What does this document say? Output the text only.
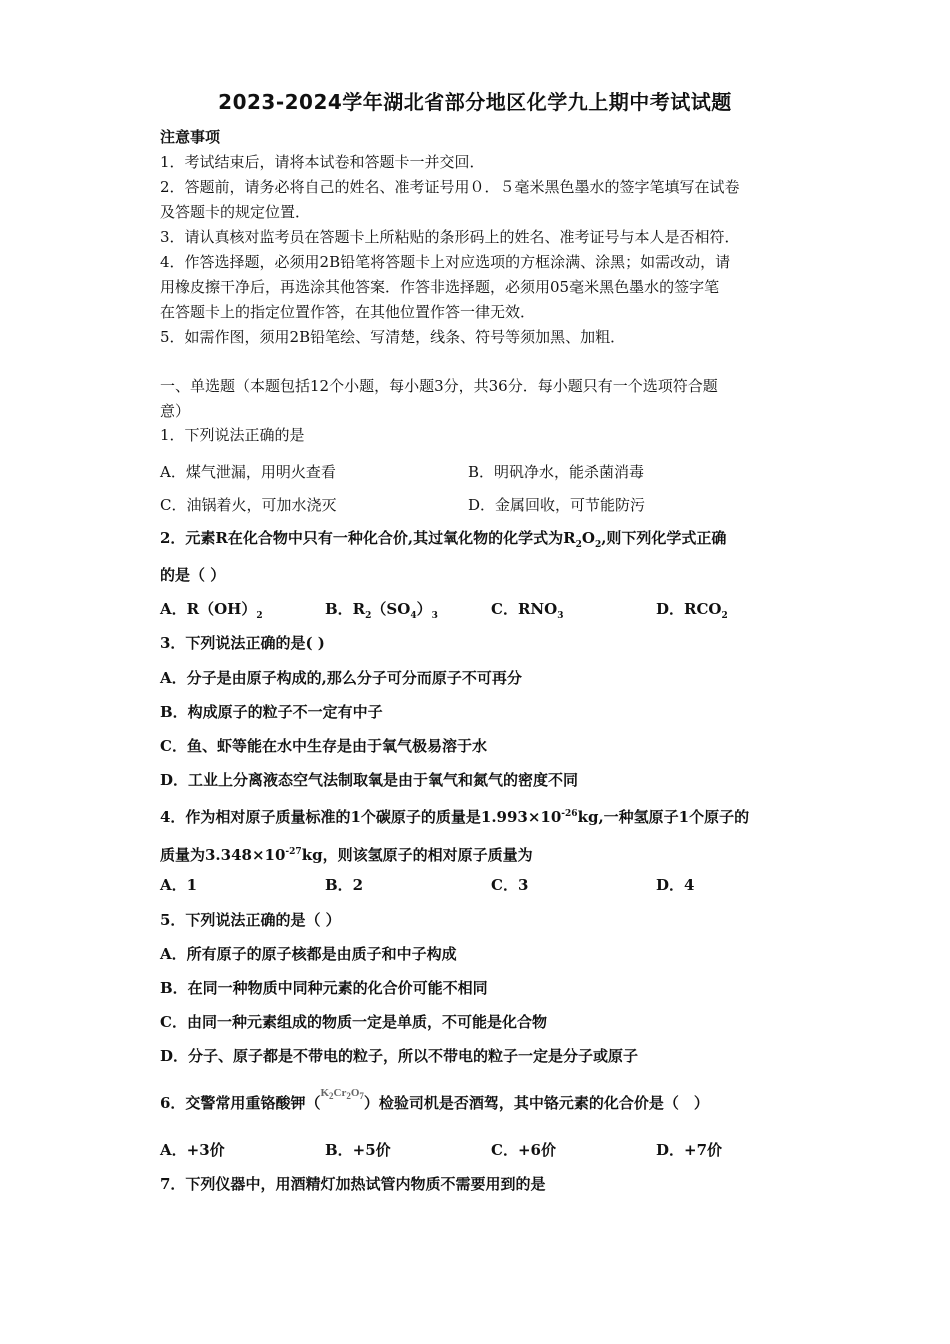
2023-2024学年湖北省部分地区化学九上期中考试试题
注意事项
1．考试结束后，请将本试卷和答题卡一并交回．
2．答题前，请务必将自己的姓名、准考证号用０．５毫米黑色墨水的签字笔填写在试卷
及答题卡的规定位置．
3．请认真核对监考员在答题卡上所粘贴的条形码上的姓名、准考证号与本人是否相符．
4．作答选择题，必须用2B铅笔将答题卡上对应选项的方框涂满、涂黑；如需改动，请
用橡皮擦干净后，再选涂其他答案．作答非选择题，必须用05毫米黑色墨水的签字笔
在答题卡上的指定位置作答，在其他位置作答一律无效．
5．如需作图，须用2B铅笔绘、写清楚，线条、符号等须加黑、加粗．
一、单选题（本题包括12个小题，每小题3分，共36分．每小题只有一个选项符合题
意）
1．下列说法正确的是
A．煤气泄漏，用明火查看	B．明矾净水，能杀菌消毒
C．油锅着火，可加水浇灭	D．金属回收，可节能防污
2．元素R在化合物中只有一种化合价,其过氧化物的化学式为$R_2O_2$,则下列化学式正确
的是（ ）
A．$R(OH)_2$	B．$R_2(SO_4)_3$	C．$RNO_3$	D．$RCO_2$
3．下列说法正确的是( )
A．分子是由原子构成的,那么分子可分而原子不可再分
B．构成原子的粒子不一定有中子
C．鱼、虾等能在水中生存是由于氧气极易溶于水
D．工业上分离液态空气法制取氧是由于氧气和氮气的密度不同
4．作为相对原子质量标准的1个碳原子的质量是$1.993\times 10^{-26}kg$,一种氢原子1个原子的
质量为$3.348\times 10^{-27}kg$，则该氢原子的相对原子质量为
A．1	B．2	C．3	D．4
5．下列说法正确的是（ ）
A．所有原子的原子核都是由质子和中子构成
B．在同一种物质中同种元素的化合价可能不相同
C．由同一种元素组成的物质一定是单质，不可能是化合物
D．分子、原子都是不带电的粒子，所以不带电的粒子一定是分子或原子
6．交警常用重铬酸钾（$^{K_2Cr_2O_7}$）检验司机是否酒驾，其中铬元素的化合价是（　）
A．+3价	B．+5价	C．+6价	D．+7价
7．下列仪器中，用酒精灯加热试管内物质不需要用到的是
